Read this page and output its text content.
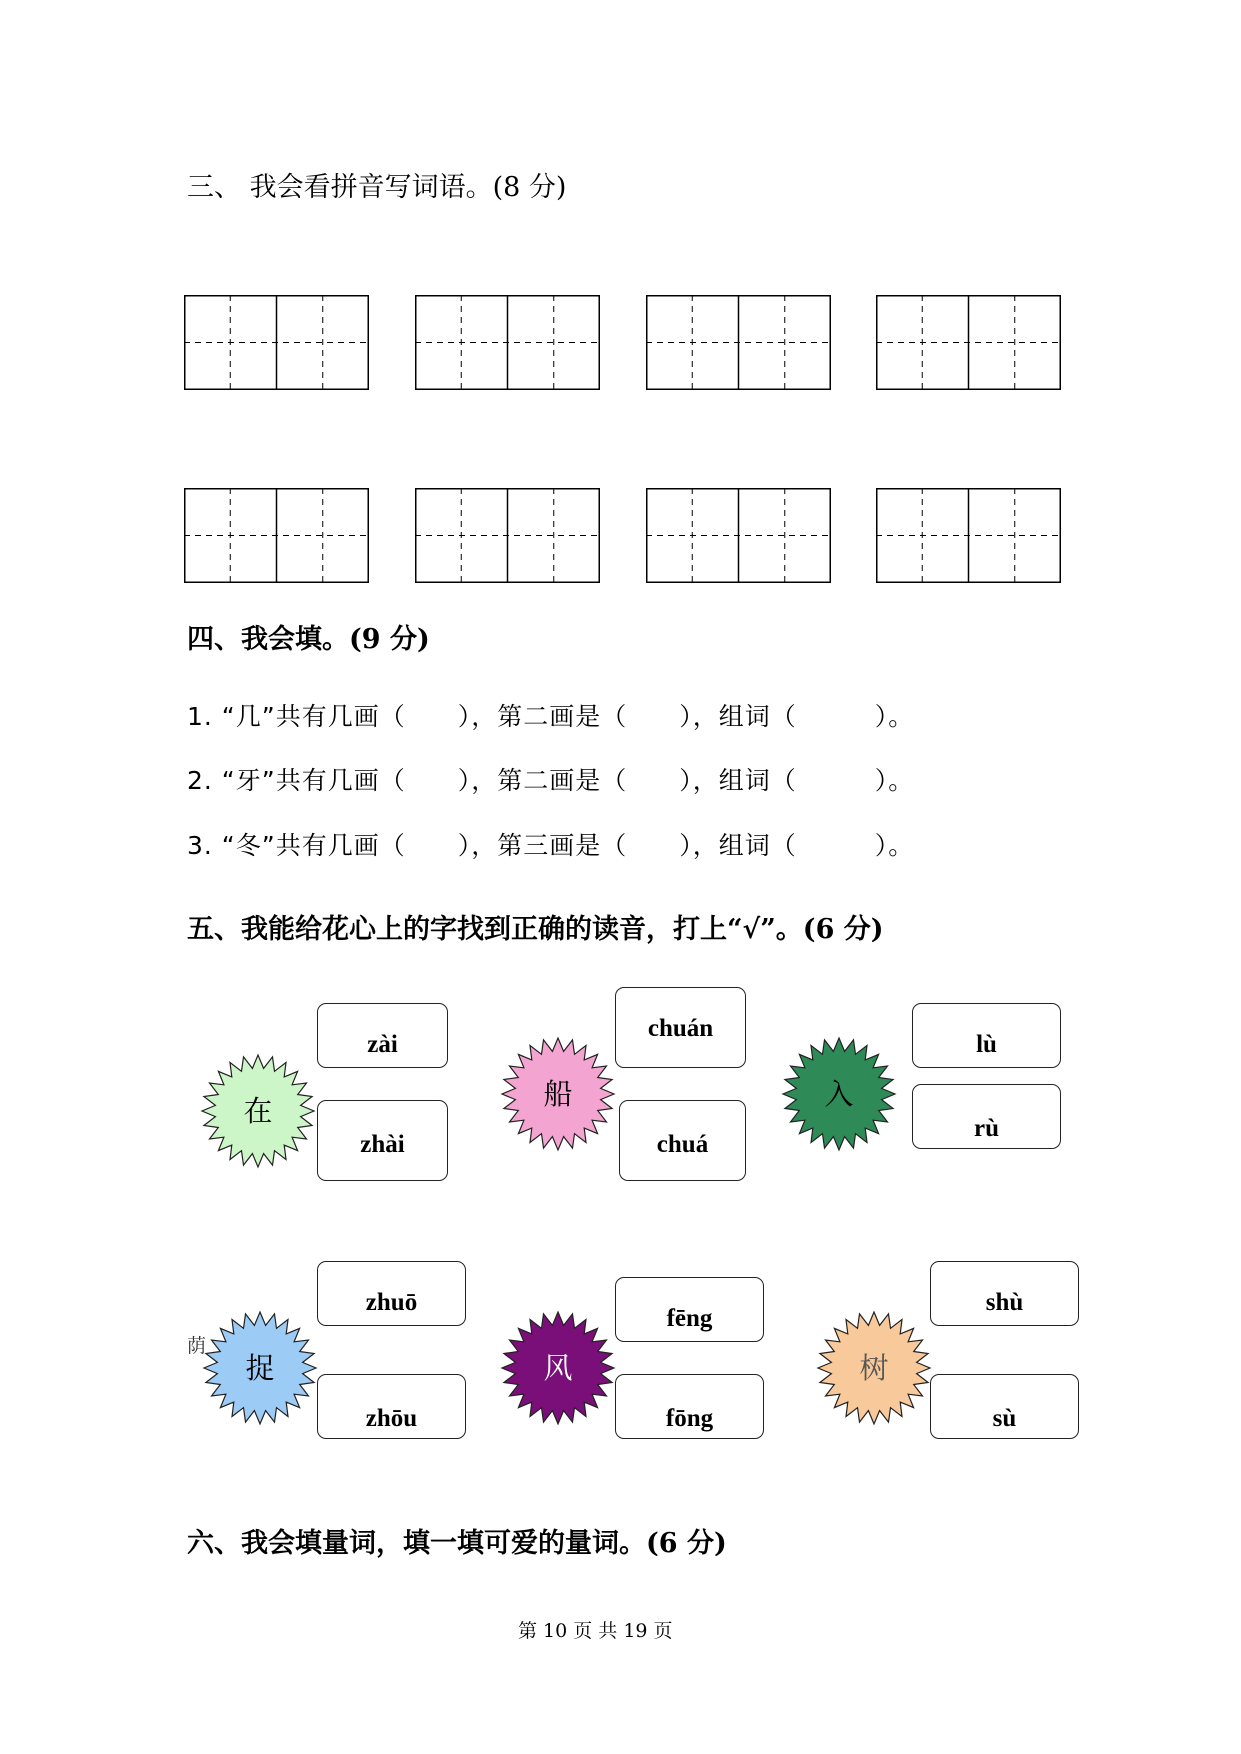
三、 我会看拼音写词语。(8 分)
四、我会填。(9 分)
1. “几”共有几画（　　），第二画是（　　），组词（　　　）。
2. “牙”共有几画（　　），第二画是（　　），组词（　　　）。
3. “冬”共有几画（　　），第三画是（　　），组词（　　　）。
五、我能给花心上的字找到正确的读音，打上“√”。(6 分)
在
zài
zhài
船
chuán
chuá
入
lù
rù
荫
捉
zhuō
zhōu
风
fēng
fōng
树
shù
sù
六、我会填量词，填一填可爱的量词。(6 分)
第 10 页 共 19 页
